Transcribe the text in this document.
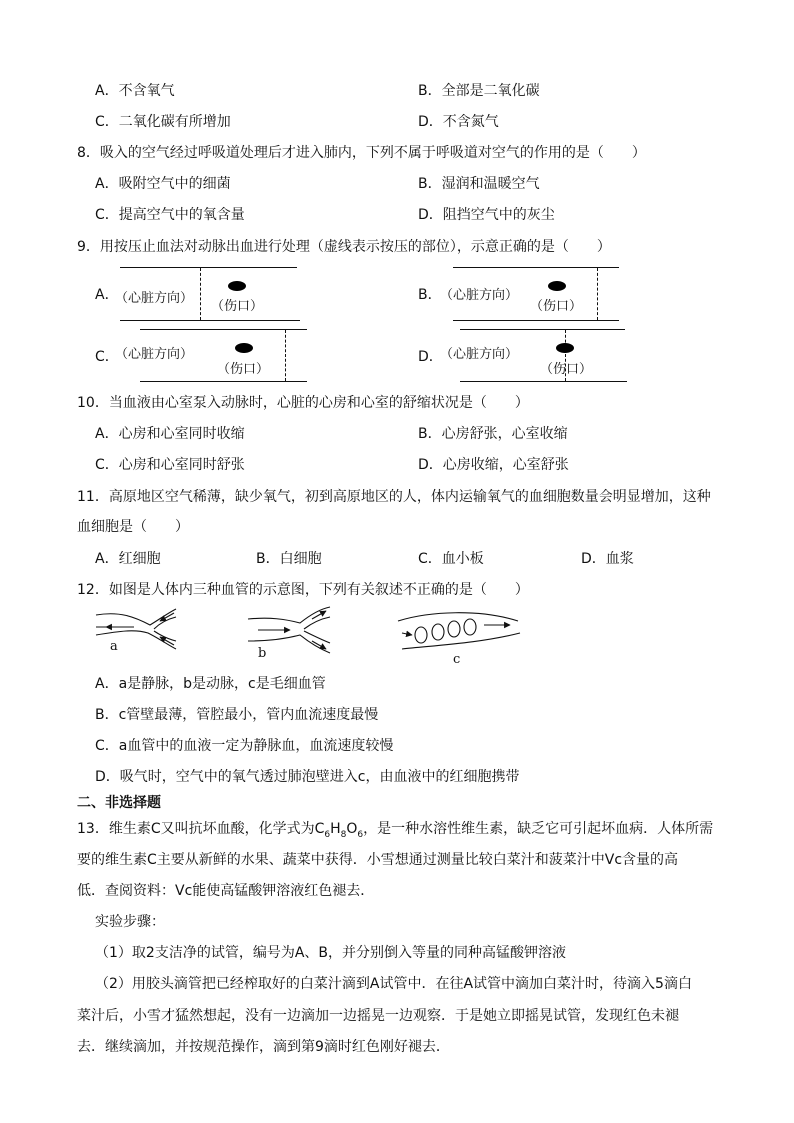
A．不含氧气	B．全部是二氧化碳
C．二氧化碳有所增加	D．不含氮气
8．吸入的空气经过呼吸道处理后才进入肺内，下列不属于呼吸道对空气的作用的是（　　）
A．吸附空气中的细菌	B．湿润和温暖空气
C．提高空气中的氧含量	D．阻挡空气中的灰尘
9．用按压止血法对动脉出血进行处理（虚线表示按压的部位），示意正确的是（　　）
A．
（心脏方向）
（伤口）
B．
（心脏方向）
（伤口）
C．
（心脏方向）
（伤口）
D．
（心脏方向）
（伤口）
10．当血液由心室泵入动脉时，心脏的心房和心室的舒缩状况是（　　）
A．心房和心室同时收缩	B．心房舒张，心室收缩
C．心房和心室同时舒张	D．心房收缩，心室舒张
11．高原地区空气稀薄，缺少氧气，初到高原地区的人，体内运输氧气的血细胞数量会明显增加，这种
血细胞是（　　）
A．红细胞	B．白细胞	C．血小板	D．血浆
12．如图是人体内三种血管的示意图，下列有关叙述不正确的是（　　）
a	b	c
A．a是静脉，b是动脉，c是毛细血管
B．c管壁最薄，管腔最小，管内血流速度最慢
C．a血管中的血液一定为静脉血，血流速度较慢
D．吸气时，空气中的氧气透过肺泡壁进入c，由血液中的红细胞携带
二、非选择题
13．维生素C又叫抗坏血酸，化学式为$C_6H_8O_6$，是一种水溶性维生素，缺乏它可引起坏血病．人体所需
要的维生素C主要从新鲜的水果、蔬菜中获得．小雪想通过测量比较白菜汁和菠菜汁中Vc含量的高
低．查阅资料：Vc能使高锰酸钾溶液红色褪去．
实验步骤：
（1）取2支洁净的试管，编号为A、B，并分别倒入等量的同种高锰酸钾溶液
（2）用胶头滴管把已经榨取好的白菜汁滴到A试管中．在往A试管中滴加白菜汁时，待滴入5滴白
菜汁后，小雪才猛然想起，没有一边滴加一边摇晃一边观察．于是她立即摇晃试管，发现红色未褪
去．继续滴加，并按规范操作，滴到第9滴时红色刚好褪去．
